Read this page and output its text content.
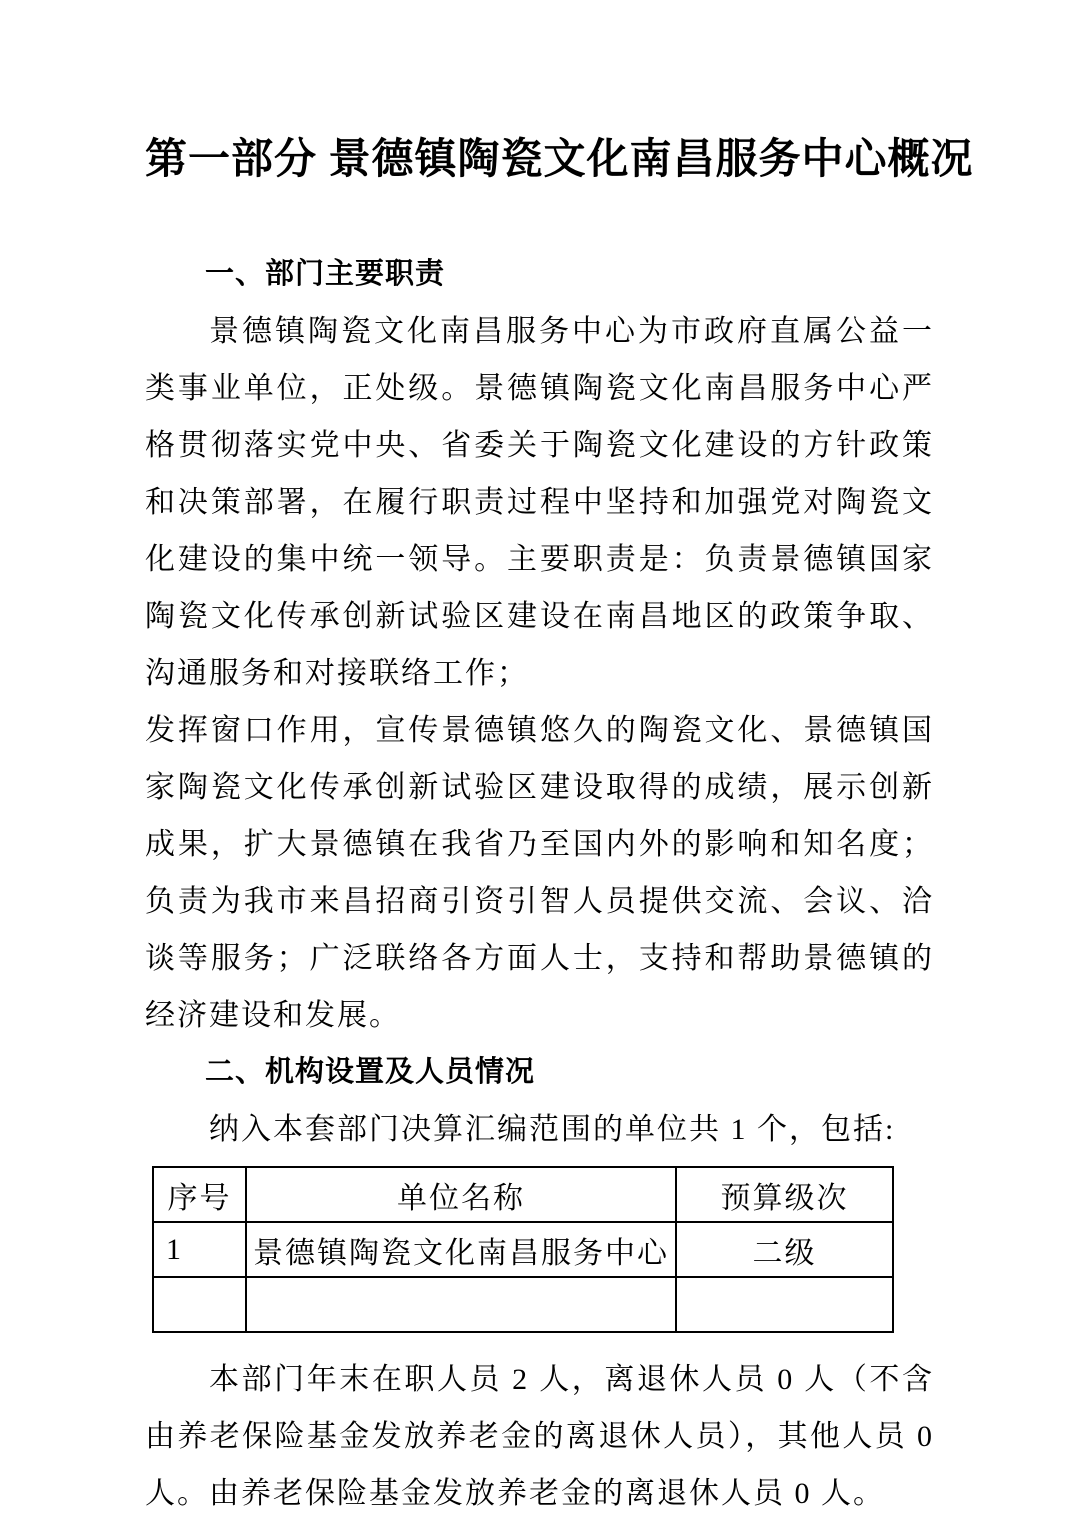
第一部分 景德镇陶瓷文化南昌服务中心概况
一、部门主要职责

景德镇陶瓷文化南昌服务中心为市政府直属公益一类事业单位，正处级。景德镇陶瓷文化南昌服务中心严格贯彻落实党中央、省委关于陶瓷文化建设的方针政策和决策部署，在履行职责过程中坚持和加强党对陶瓷文化建设的集中统一领导。主要职责是：负责景德镇国家陶瓷文化传承创新试验区建设在南昌地区的政策争取、沟通服务和对接联络工作；

发挥窗口作用，宣传景德镇悠久的陶瓷文化、景德镇国家陶瓷文化传承创新试验区建设取得的成绩，展示创新成果，扩大景德镇在我省乃至国内外的影响和知名度；负责为我市来昌招商引资引智人员提供交流、会议、洽谈等服务；广泛联络各方面人士，支持和帮助景德镇的经济建设和发展。

二、机构设置及人员情况

纳入本套部门决算汇编范围的单位共 1 个，包括:

序号	单位名称	预算级次
1	景德镇陶瓷文化南昌服务中心	二级

本部门年末在职人员 2 人，离退休人员 0 人（不含由养老保险基金发放养老金的离退休人员），其他人员 0 人。由养老保险基金发放养老金的离退休人员 0 人。
